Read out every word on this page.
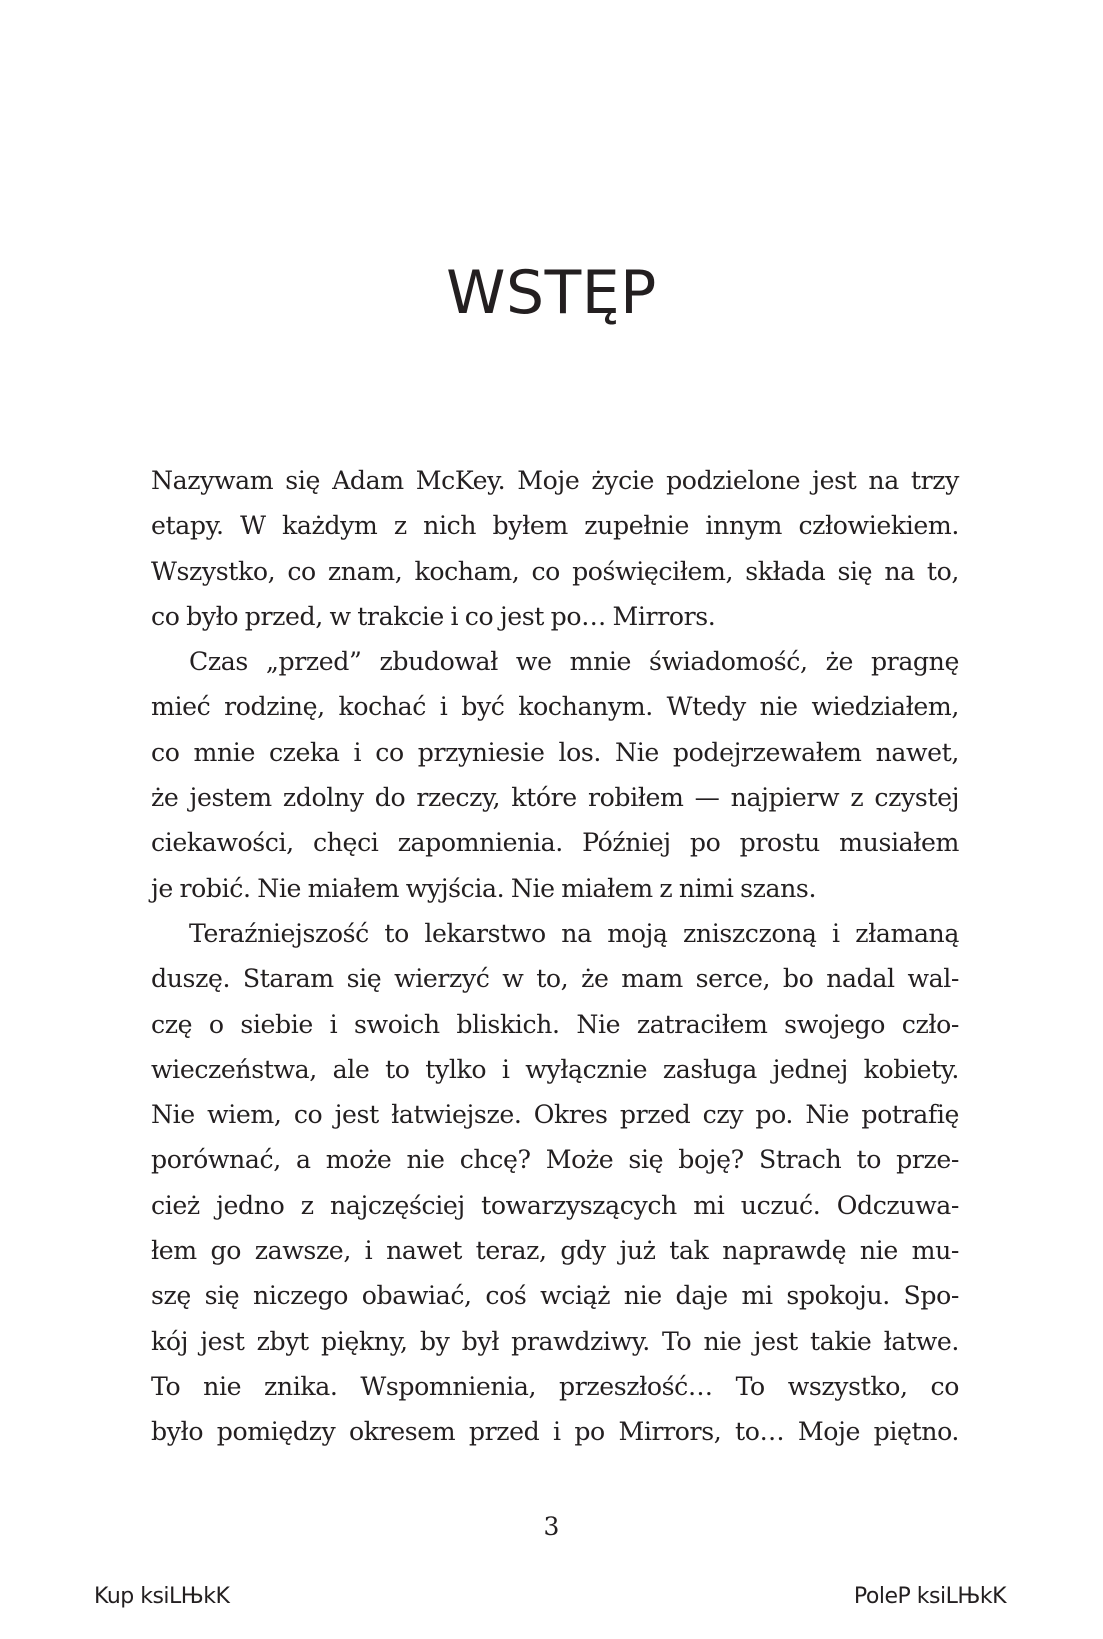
WSTĘP
Nazywam się Adam McKey. Moje życie podzielone jest na trzy
etapy. W każdym z nich byłem zupełnie innym człowiekiem.
Wszystko, co znam, kocham, co poświęciłem, składa się na to,
co było przed, w trakcie i co jest po… Mirrors.
Czas „przed” zbudował we mnie świadomość, że pragnę
mieć rodzinę, kochać i być kochanym. Wtedy nie wiedziałem,
co mnie czeka i co przyniesie los. Nie podejrzewałem nawet,
że jestem zdolny do rzeczy, które robiłem — najpierw z czystej
ciekawości, chęci zapomnienia. Później po prostu musiałem
je robić. Nie miałem wyjścia. Nie miałem z nimi szans.
Teraźniejszość to lekarstwo na moją zniszczoną i złamaną
duszę. Staram się wierzyć w to, że mam serce, bo nadal wal-
czę o siebie i swoich bliskich. Nie zatraciłem swojego czło-
wieczeństwa, ale to tylko i wyłącznie zasługa jednej kobiety.
Nie wiem, co jest łatwiejsze. Okres przed czy po. Nie potrafię
porównać, a może nie chcę? Może się boję? Strach to prze-
cież jedno z najczęściej towarzyszących mi uczuć. Odczuwa-
łem go zawsze, i nawet teraz, gdy już tak naprawdę nie mu-
szę się niczego obawiać, coś wciąż nie daje mi spokoju. Spo-
kój jest zbyt piękny, by był prawdziwy. To nie jest takie łatwe.
To nie znika. Wspomnienia, przeszłość… To wszystko, co
było pomiędzy okresem przed i po Mirrors, to… Moje piętno.
3
Kup ksiLЊkK	PoleP ksiLЊkK
